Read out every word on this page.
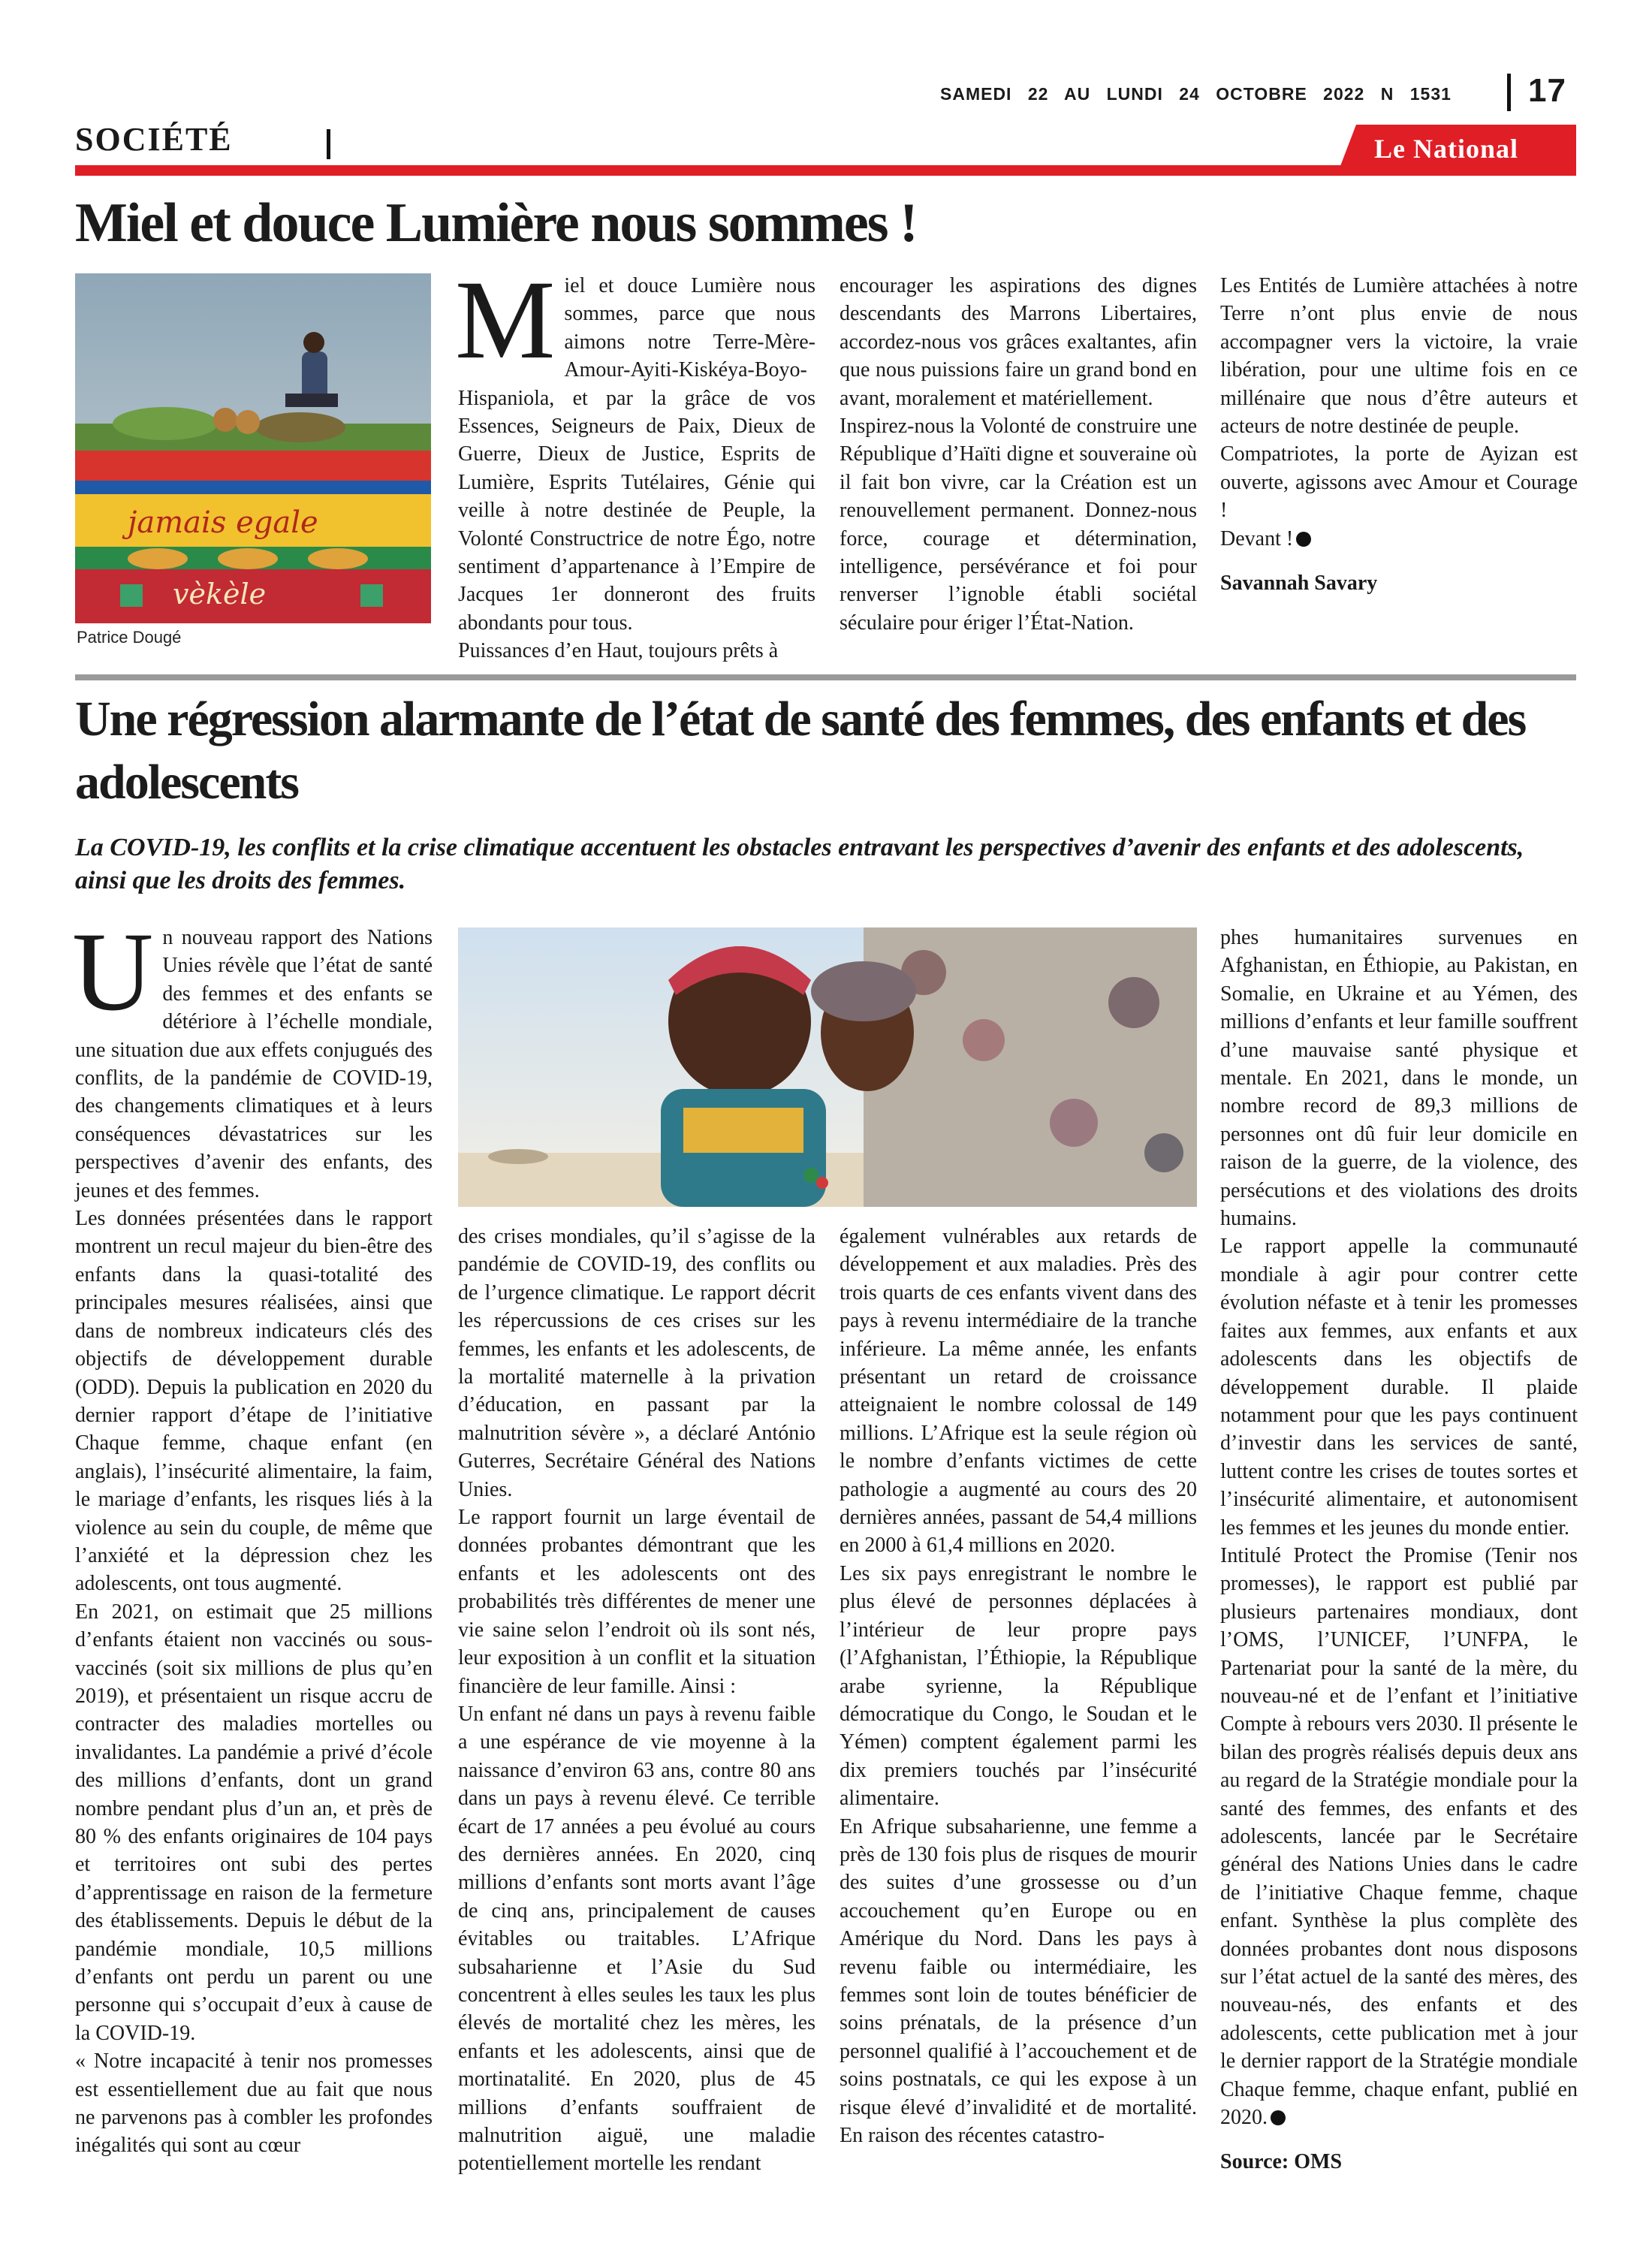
SAMEDI 22 AU LUNDI 24 OCTOBRE 2022 N 1531 17
SOCIÉTÉ	Le National
Miel et douce Lumière nous sommes !
jamais egale
vèkèle
Patrice Dougé
M iel et douce Lumière nous sommes, parce que nous aimons notre Terre-Mère-Amour-Ayiti-Kiskéya-Boyo-Hispaniola, et par la grâce de vos Essences, Seigneurs de Paix, Dieux de Guerre, Dieux de Justice, Esprits de Lumière, Esprits Tutélaires, Génie qui veille à notre destinée de Peuple, la Volonté Constructrice de notre Égo, notre sentiment d’appartenance à l’Empire de Jacques 1er donneront des fruits abondants pour tous.

Puissances d’en Haut, toujours prêts à

encourager les aspirations des dignes descendants des Marrons Libertaires, accordez-nous vos grâces exaltantes, afin que nous puissions faire un grand bond en avant, moralement et matériellement.

Inspirez-nous la Volonté de construire une République d’Haïti digne et souveraine où il fait bon vivre, car la Création est un renouvellement permanent. Donnez-nous force, courage et détermination, intelligence, persévérance et foi pour renverser l’ignoble établi sociétal séculaire pour ériger l’État-Nation.

Les Entités de Lumière attachées à notre Terre n’ont plus envie de nous accompagner vers la victoire, la vraie libération, pour une ultime fois en ce millénaire que nous d’être auteurs et acteurs de notre destinée de peuple.

Compatriotes, la porte de Ayizan est ouverte, agissons avec Amour et Courage !

Devant !

Savannah Savary

Une régression alarmante de l’état de santé des femmes, des enfants et des adolescents
La COVID-19, les conflits et la crise climatique accentuent les obstacles entravant les perspectives d’avenir des enfants et des adolescents, ainsi que les droits des femmes.
U n nouveau rapport des Nations Unies révèle que l’état de santé des femmes et des enfants se détériore à l’échelle mondiale, une situation due aux effets conjugués des conflits, de la pandémie de COVID-19, des changements climatiques et à leurs conséquences dévastatrices sur les perspectives d’avenir des enfants, des jeunes et des femmes.

Les données présentées dans le rapport montrent un recul majeur du bien-être des enfants dans la quasi-totalité des principales mesures réalisées, ainsi que dans de nombreux indicateurs clés des objectifs de développement durable (ODD). Depuis la publication en 2020 du dernier rapport d’étape de l’initiative Chaque femme, chaque enfant (en anglais), l’insécurité alimentaire, la faim, le mariage d’enfants, les risques liés à la violence au sein du couple, de même que l’anxiété et la dépression chez les adolescents, ont tous augmenté.

En 2021, on estimait que 25 millions d’enfants étaient non vaccinés ou sous-vaccinés (soit six millions de plus qu’en 2019), et présentaient un risque accru de contracter des maladies mortelles ou invalidantes. La pandémie a privé d’école des millions d’enfants, dont un grand nombre pendant plus d’un an, et près de 80 % des enfants originaires de 104 pays et territoires ont subi des pertes d’apprentissage en raison de la fermeture des établissements. Depuis le début de la pandémie mondiale, 10,5 millions d’enfants ont perdu un parent ou une personne qui s’occupait d’eux à cause de la COVID-19.

« Notre incapacité à tenir nos promesses est essentiellement due au fait que nous ne parvenons pas à combler les profondes inégalités qui sont au cœur

des crises mondiales, qu’il s’agisse de la pandémie de COVID-19, des conflits ou de l’urgence climatique. Le rapport décrit les répercussions de ces crises sur les femmes, les enfants et les adolescents, de la mortalité maternelle à la privation d’éducation, en passant par la malnutrition sévère », a déclaré António Guterres, Secrétaire Général des Nations Unies.

Le rapport fournit un large éventail de données probantes démontrant que les enfants et les adolescents ont des probabilités très différentes de mener une vie saine selon l’endroit où ils sont nés, leur exposition à un conflit et la situation financière de leur famille. Ainsi :

Un enfant né dans un pays à revenu faible a une espérance de vie moyenne à la naissance d’environ 63 ans, contre 80 ans dans un pays à revenu élevé. Ce terrible écart de 17 années a peu évolué au cours des dernières années. En 2020, cinq millions d’enfants sont morts avant l’âge de cinq ans, principalement de causes évitables ou traitables. L’Afrique subsaharienne et l’Asie du Sud concentrent à elles seules les taux les plus élevés de mortalité chez les mères, les enfants et les adolescents, ainsi que de mortinatalité. En 2020, plus de 45 millions d’enfants souffraient de malnutrition aiguë, une maladie potentiellement mortelle les rendant

également vulnérables aux retards de développement et aux maladies. Près des trois quarts de ces enfants vivent dans des pays à revenu intermédiaire de la tranche inférieure. La même année, les enfants présentant un retard de croissance atteignaient le nombre colossal de 149 millions. L’Afrique est la seule région où le nombre d’enfants victimes de cette pathologie a augmenté au cours des 20 dernières années, passant de 54,4 millions en 2000 à 61,4 millions en 2020.

Les six pays enregistrant le nombre le plus élevé de personnes déplacées à l’intérieur de leur propre pays (l’Afghanistan, l’Éthiopie, la République arabe syrienne, la République démocratique du Congo, le Soudan et le Yémen) comptent également parmi les dix premiers touchés par l’insécurité alimentaire.

En Afrique subsaharienne, une femme a près de 130 fois plus de risques de mourir des suites d’une grossesse ou d’un accouchement qu’en Europe ou en Amérique du Nord. Dans les pays à revenu faible ou intermédiaire, les femmes sont loin de toutes bénéficier de soins prénatals, de la présence d’un personnel qualifié à l’accouchement et de soins postnatals, ce qui les expose à un risque élevé d’invalidité et de mortalité. En raison des récentes catastro-

phes humanitaires survenues en Afghanistan, en Éthiopie, au Pakistan, en Somalie, en Ukraine et au Yémen, des millions d’enfants et leur famille souffrent d’une mauvaise santé physique et mentale. En 2021, dans le monde, un nombre record de 89,3 millions de personnes ont dû fuir leur domicile en raison de la guerre, de la violence, des persécutions et des violations des droits humains.

Le rapport appelle la communauté mondiale à agir pour contrer cette évolution néfaste et à tenir les promesses faites aux femmes, aux enfants et aux adolescents dans les objectifs de développement durable. Il plaide notamment pour que les pays continuent d’investir dans les services de santé, luttent contre les crises de toutes sortes et l’insécurité alimentaire, et autonomisent les femmes et les jeunes du monde entier.

Intitulé Protect the Promise (Tenir nos promesses), le rapport est publié par plusieurs partenaires mondiaux, dont l’OMS, l’UNICEF, l’UNFPA, le Partenariat pour la santé de la mère, du nouveau-né et de l’enfant et l’initiative Compte à rebours vers 2030. Il présente le bilan des progrès réalisés depuis deux ans au regard de la Stratégie mondiale pour la santé des femmes, des enfants et des adolescents, lancée par le Secrétaire général des Nations Unies dans le cadre de l’initiative Chaque femme, chaque enfant. Synthèse la plus complète des données probantes dont nous disposons sur l’état actuel de la santé des mères, des nouveau-nés, des enfants et des adolescents, cette publication met à jour le dernier rapport de la Stratégie mondiale Chaque femme, chaque enfant, publié en 2020.

Source: OMS
